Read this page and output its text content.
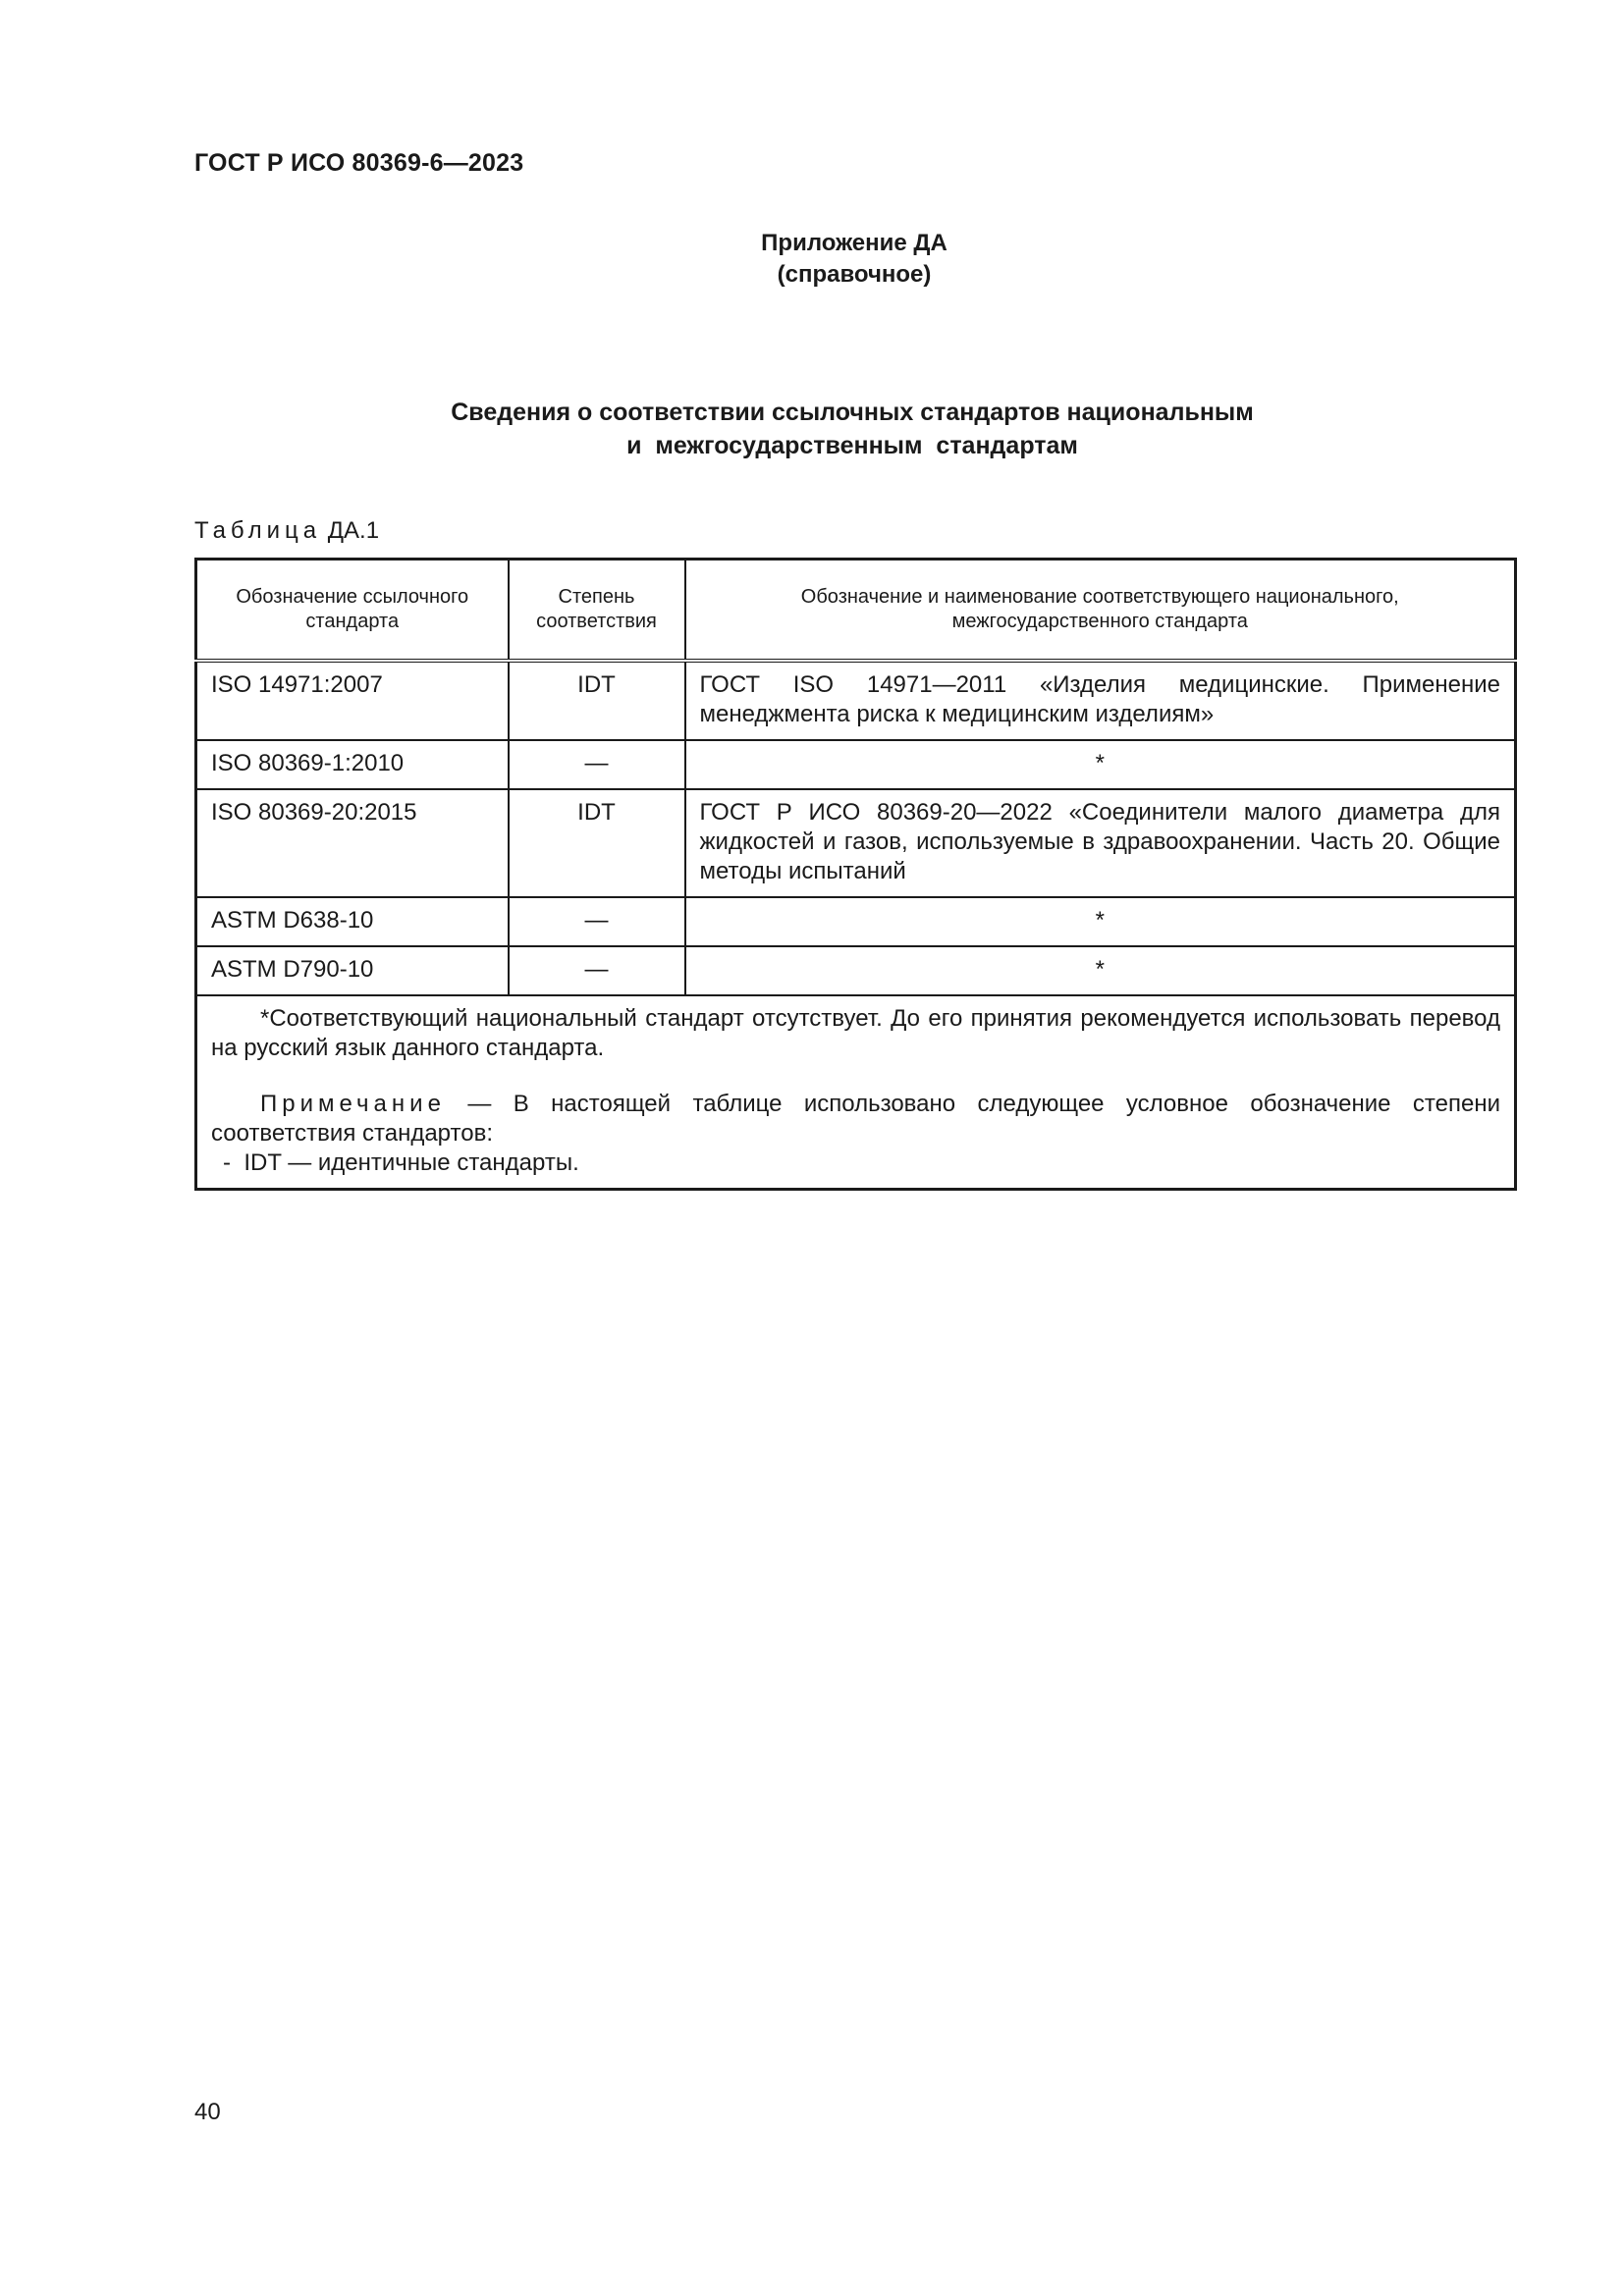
ГОСТ Р ИСО 80369-6—2023
Приложение ДА
(справочное)
Сведения о соответствии ссылочных стандартов национальным
и  межгосударственным  стандартам
Таблица ДА.1
Обозначение ссылочного стандарта	Степень соответствия	Обозначение и наименование соответствующего национального, межгосударственного стандарта
ISO 14971:2007	IDT	ГОСТ ISO 14971—2011 «Изделия медицинские. Применение менеджмента риска к медицинским изделиям»
ISO 80369-1:2010	—	*
ISO 80369-20:2015	IDT	ГОСТ Р ИСО 80369-20—2022 «Соединители малого диаметра для жидкостей и газов, используемые в здравоохранении. Часть 20. Общие методы испытаний
ASTM D638-10	—	*
ASTM D790-10	—	*

*Соответствующий национальный стандарт отсутствует. До его принятия рекомендуется использовать перевод на русский язык данного стандарта.

Примечание — В настоящей таблице использовано следующее условное обозначение степени соответствия стандартов:

-  IDT — идентичные стандарты.		

40
